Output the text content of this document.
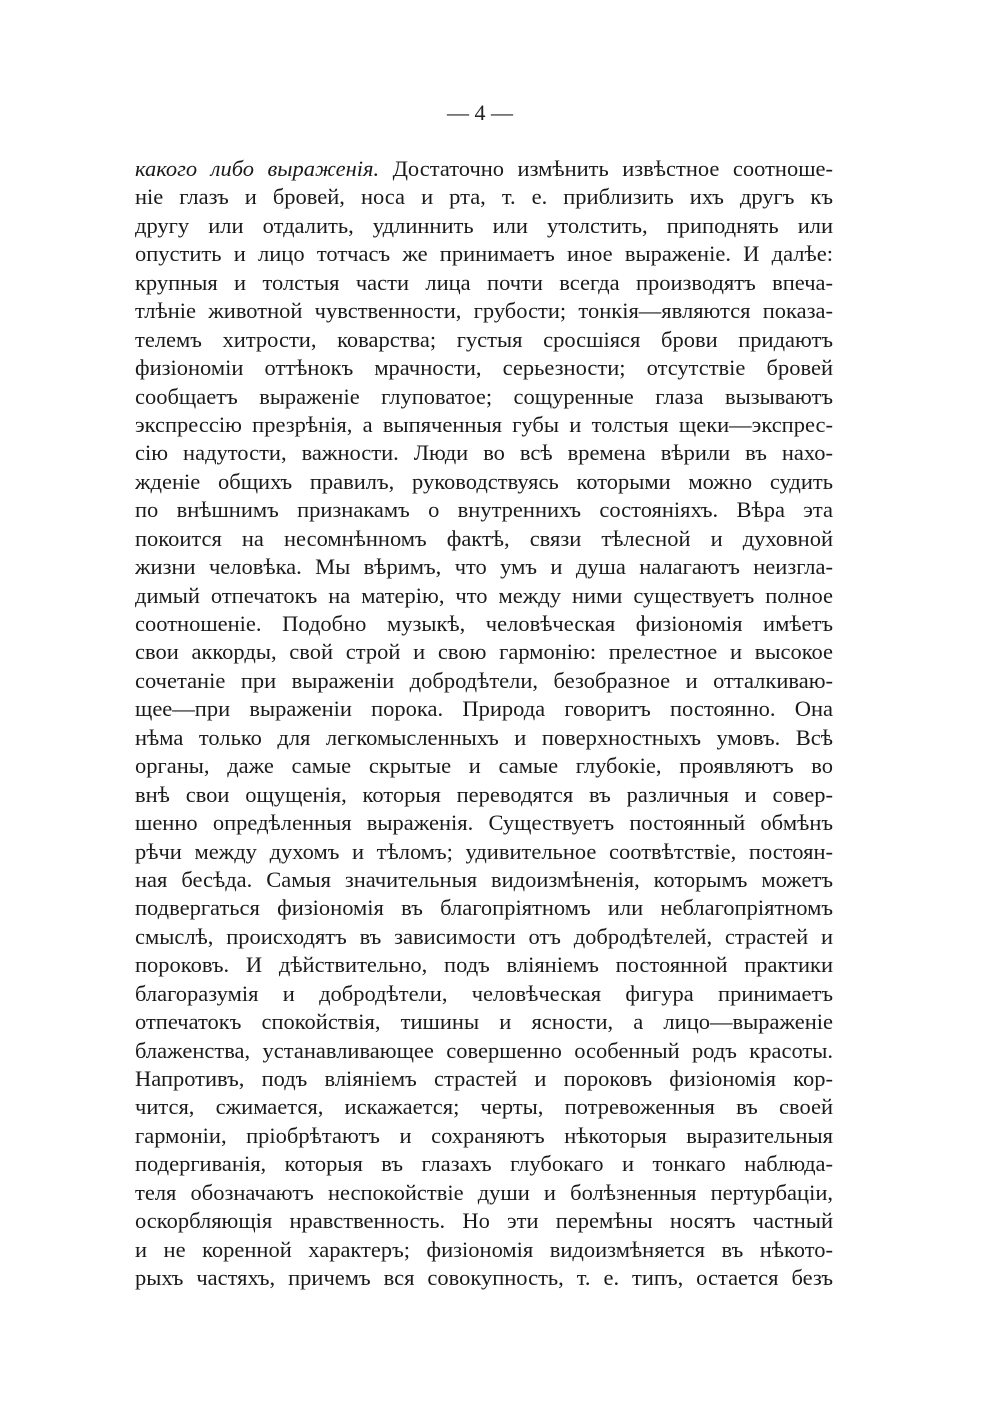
— 4 —
какого либо выраженія. Достаточно измѣнить извѣстное соотноше-
ніе глазъ и бровей, носа и рта, т. е. приблизить ихъ другъ къ
другу или отдалить, удлиннить или утолстить, приподнять или
опустить и лицо тотчасъ же принимаетъ иное выраженіе. И далѣе:
крупныя и толстыя части лица почти всегда производятъ впеча-
тлѣніе животной чувственности, грубости; тонкія—являются показа-
телемъ хитрости, коварства; густыя сросшіяся брови придаютъ
физіономіи оттѣнокъ мрачности, серьезности; отсутствіе бровей
сообщаетъ выраженіе глуповатое; сощуренные глаза вызываютъ
экспрессію презрѣнія, а выпяченныя губы и толстыя щеки—экспрес-
сію надутости, важности. Люди во всѣ времена вѣрили въ нахо-
жденіе общихъ правилъ, руководствуясь которыми можно судить
по внѣшнимъ признакамъ о внутреннихъ состояніяхъ. Вѣра эта
покоится на несомнѣнномъ фактѣ, связи тѣлесной и духовной
жизни человѣка. Мы вѣримъ, что умъ и душа налагаютъ неизгла-
димый отпечатокъ на матерію, что между ними существуетъ полное
соотношеніе. Подобно музыкѣ, человѣческая физіономія имѣетъ
свои аккорды, свой строй и свою гармонію: прелестное и высокое
сочетаніе при выраженіи добродѣтели, безобразное и отталкиваю-
щее—при выраженіи порока. Природа говоритъ постоянно. Она
нѣма только для легкомысленныхъ и поверхностныхъ умовъ. Всѣ
органы, даже самые скрытые и самые глубокіе, проявляютъ во
внѣ свои ощущенія, которыя переводятся въ различныя и совер-
шенно опредѣленныя выраженія. Существуетъ постоянный обмѣнъ
рѣчи между духомъ и тѣломъ; удивительное соотвѣтствіе, постоян-
ная бесѣда. Самыя значительныя видоизмѣненія, которымъ можетъ
подвергаться физіономія въ благопріятномъ или неблагопріятномъ
смыслѣ, происходятъ въ зависимости отъ добродѣтелей, страстей и
пороковъ. И дѣйствительно, подъ вліяніемъ постоянной практики
благоразумія и добродѣтели, человѣческая фигура принимаетъ
отпечатокъ спокойствія, тишины и ясности, а лицо—выраженіе
блаженства, устанавливающее совершенно особенный родъ красоты.
Напротивъ, подъ вліяніемъ страстей и пороковъ физіономія кор-
чится, сжимается, искажается; черты, потревоженныя въ своей
гармоніи, пріобрѣтаютъ и сохраняютъ нѣкоторыя выразительныя
подергиванія, которыя въ глазахъ глубокаго и тонкаго наблюда-
теля обозначаютъ неспокойствіе души и болѣзненныя пертурбаціи,
оскорбляющія нравственность. Но эти перемѣны носятъ частный
и не коренной характеръ; физіономія видоизмѣняется въ нѣкото-
рыхъ частяхъ, причемъ вся совокупность, т. е. типъ, остается безъ
